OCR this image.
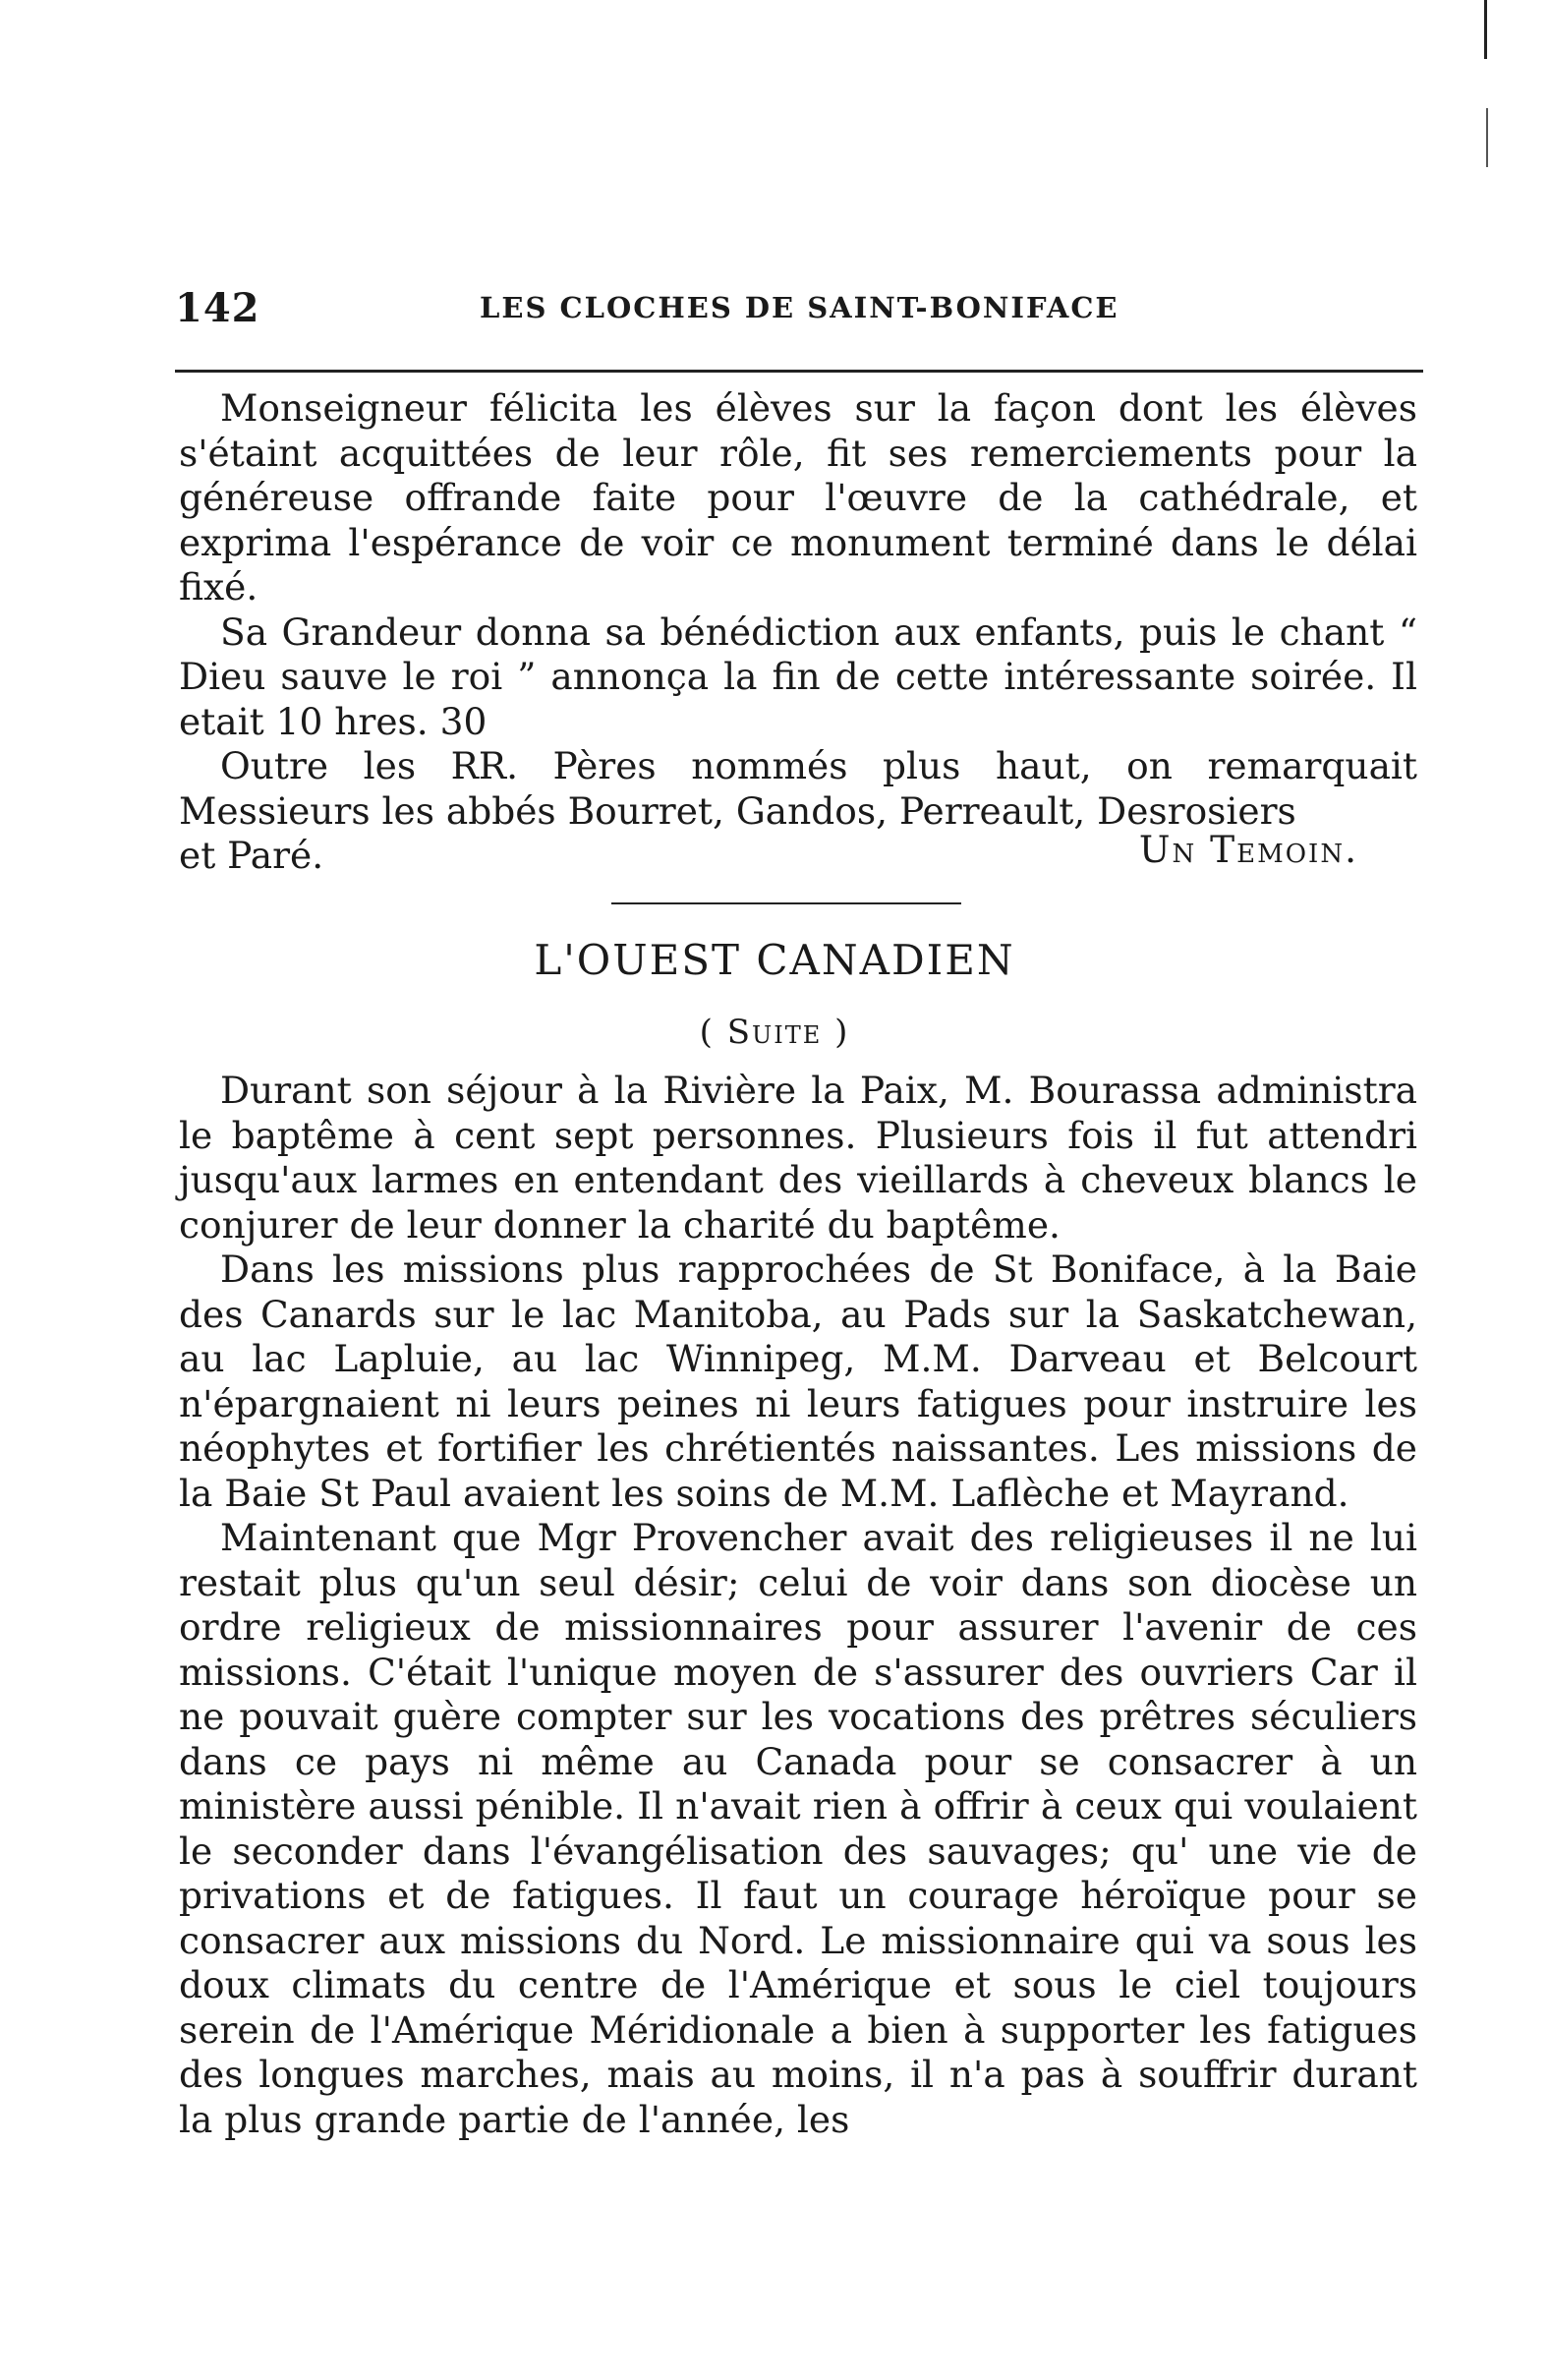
142	LES CLOCHES DE SAINT-BONIFACE

Monseigneur félicita les élèves sur la façon dont les élèves s'étaint acquittées de leur rôle, fit ses remerciements pour la généreuse offrande faite pour l'œuvre de la cathédrale, et exprima l'espérance de voir ce monument terminé dans le délai fixé.

Sa Grandeur donna sa bénédiction aux enfants, puis le chant “ Dieu sauve le roi ” annonça la fin de cette intéressante soirée. Il etait 10 hres. 30

Outre les RR. Pères nommés plus haut, on remarquait Messieurs les abbés Bourret, Gandos, Perreault, Desrosiers

et Paré.	Un Temoin.
L'OUEST CANADIEN
( Suite )

Durant son séjour à la Rivière la Paix, M. Bourassa administra le baptême à cent sept personnes. Plusieurs fois il fut attendri jusqu'aux larmes en entendant des vieillards à cheveux blancs le conjurer de leur donner la charité du baptême.

Dans les missions plus rapprochées de St Boniface, à la Baie des Canards sur le lac Manitoba, au Pads sur la Saskatchewan, au lac Lapluie, au lac Winnipeg, M.M. Darveau et Belcourt n'épargnaient ni leurs peines ni leurs fatigues pour instruire les néophytes et fortifier les chrétientés naissantes. Les missions de la Baie St Paul avaient les soins de M.M. Laflèche et Mayrand.

Maintenant que Mgr Provencher avait des religieuses il ne lui restait plus qu'un seul désir; celui de voir dans son diocèse un ordre religieux de missionnaires pour assurer l'avenir de ces missions. C'était l'unique moyen de s'assurer des ouvriers Car il ne pouvait guère compter sur les vocations des prêtres séculiers dans ce pays ni même au Canada pour se consacrer à un ministère aussi pénible. Il n'avait rien à offrir à ceux qui voulaient le seconder dans l'évangélisation des sauvages; qu' une vie de privations et de fatigues. Il faut un courage héroïque pour se consacrer aux missions du Nord. Le missionnaire qui va sous les doux climats du centre de l'Amérique et sous le ciel toujours serein de l'Amérique Méridionale a bien à supporter les fatigues des longues marches, mais au moins, il n'a pas à souffrir durant la plus grande partie de l'année, les
